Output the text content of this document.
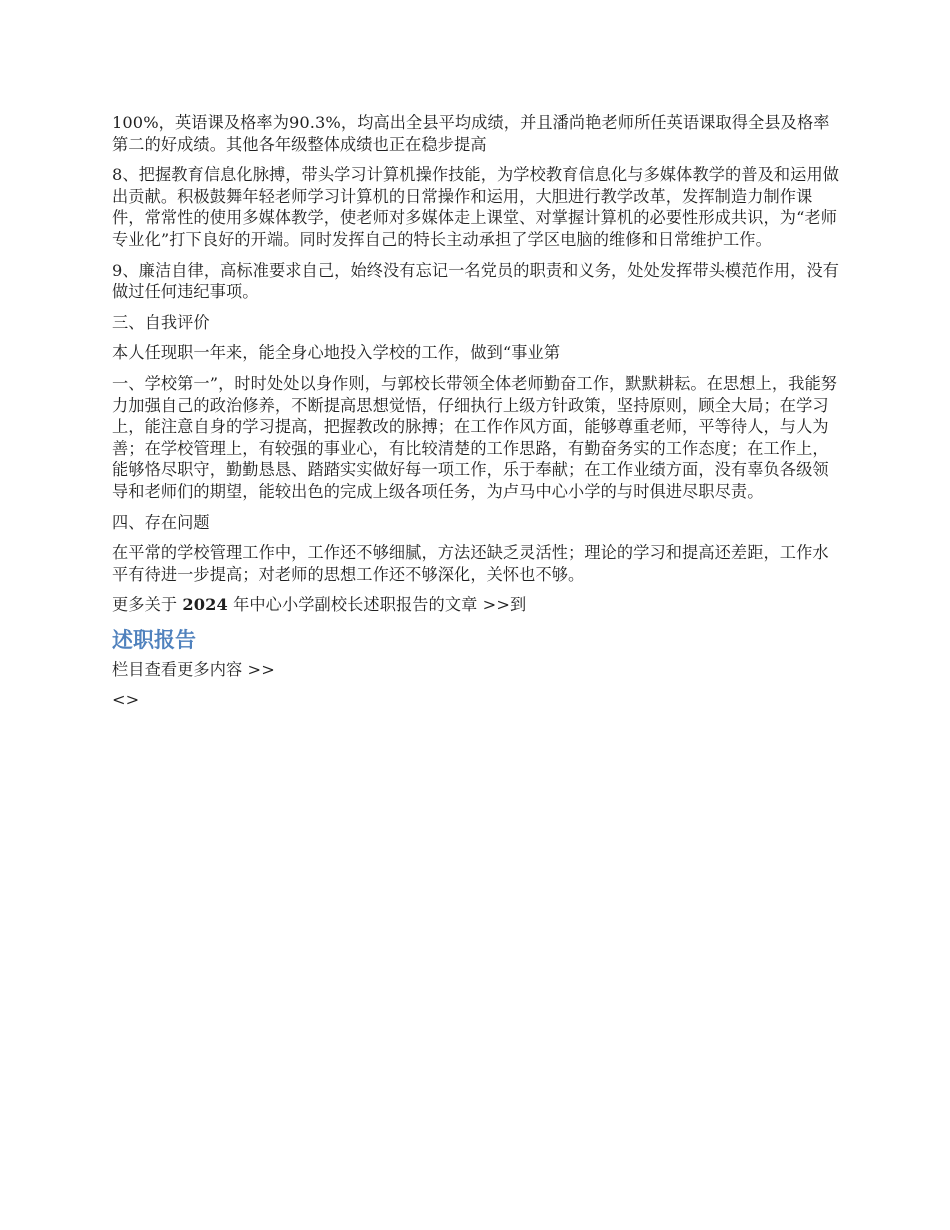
100%，英语课及格率为90.3%，均高出全县平均成绩，并且潘尚艳老师所任英语课取得全县及格率第二的好成绩。其他各年级整体成绩也正在稳步提高

8、把握教育信息化脉搏，带头学习计算机操作技能，为学校教育信息化与多媒体教学的普及和运用做出贡献。积极鼓舞年轻老师学习计算机的日常操作和运用，大胆进行教学改革，发挥制造力制作课件，常常性的使用多媒体教学，使老师对多媒体走上课堂、对掌握计算机的必要性形成共识，为“老师专业化”打下良好的开端。同时发挥自己的特长主动承担了学区电脑的维修和日常维护工作。

9、廉洁自律，高标准要求自己，始终没有忘记一名党员的职责和义务，处处发挥带头模范作用，没有做过任何违纪事项。

三、自我评价

本人任现职一年来，能全身心地投入学校的工作，做到“事业第

一、学校第一”，时时处处以身作则，与郭校长带领全体老师勤奋工作，默默耕耘。在思想上，我能努力加强自己的政治修养，不断提高思想觉悟，仔细执行上级方针政策，坚持原则，顾全大局；在学习上，能注意自身的学习提高，把握教改的脉搏；在工作作风方面，能够尊重老师，平等待人，与人为善；在学校管理上，有较强的事业心，有比较清楚的工作思路，有勤奋务实的工作态度；在工作上，能够恪尽职守，勤勤恳恳、踏踏实实做好每一项工作，乐于奉献；在工作业绩方面，没有辜负各级领导和老师们的期望，能较出色的完成上级各项任务，为卢马中心小学的与时俱进尽职尽责。

四、存在问题

在平常的学校管理工作中，工作还不够细腻，方法还缺乏灵活性；理论的学习和提高还差距，工作水平有待进一步提高；对老师的思想工作还不够深化，关怀也不够。

更多关于 2024 年中心小学副校长述职报告的文章 >>到

述职报告

栏目查看更多内容 >>

<>
